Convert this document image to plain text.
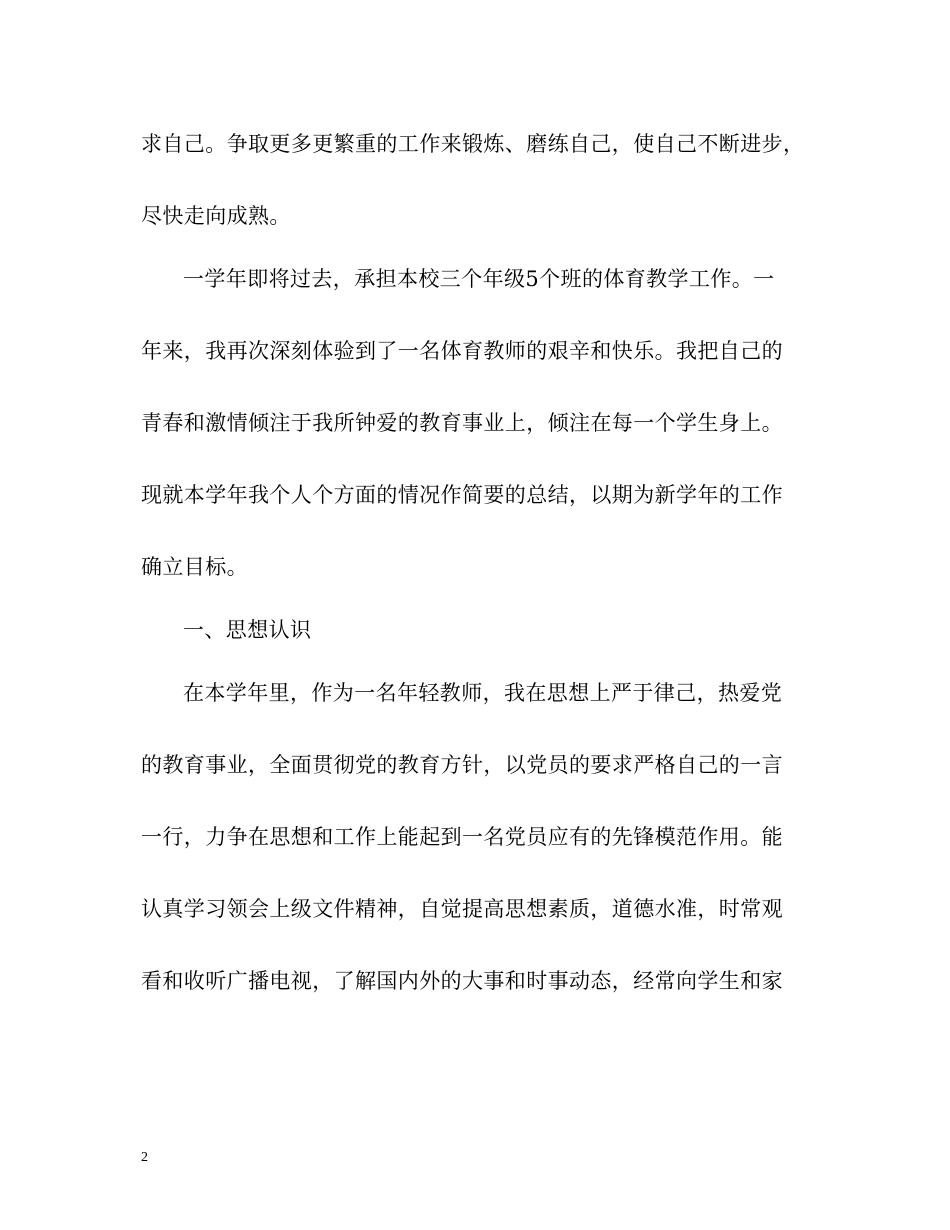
求自己。争取更多更繁重的工作来锻炼、磨练自己，使自己不断进步，
尽快走向成熟。
一学年即将过去，承担本校三个年级5个班的体育教学工作。一
年来，我再次深刻体验到了一名体育教师的艰辛和快乐。我把自己的
青春和激情倾注于我所钟爱的教育事业上，倾注在每一个学生身上。
现就本学年我个人个方面的情况作简要的总结，以期为新学年的工作
确立目标。
一、思想认识
在本学年里，作为一名年轻教师，我在思想上严于律己，热爱党
的教育事业，全面贯彻党的教育方针，以党员的要求严格自己的一言
一行，力争在思想和工作上能起到一名党员应有的先锋模范作用。能
认真学习领会上级文件精神，自觉提高思想素质，道德水准，时常观
看和收听广播电视，了解国内外的大事和时事动态，经常向学生和家
2
